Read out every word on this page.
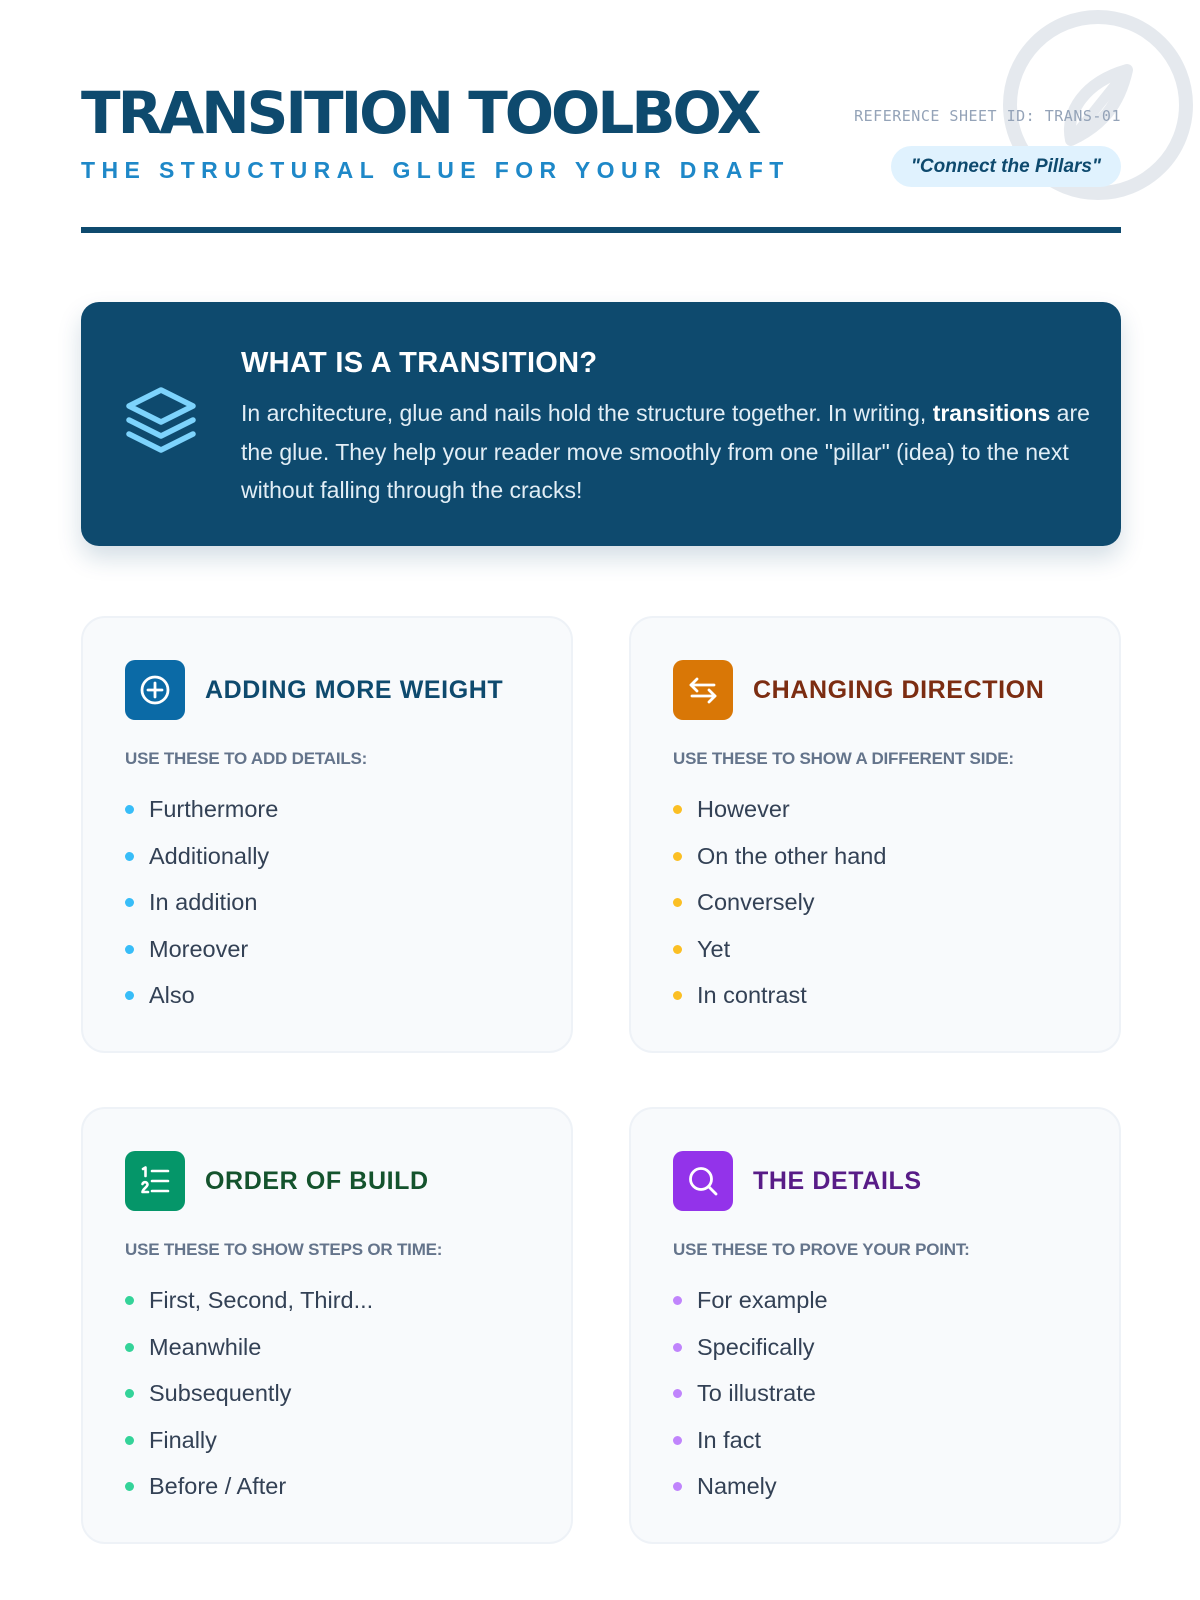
TRANSITION TOOLBOX
THE STRUCTURAL GLUE FOR YOUR DRAFT
REFERENCE SHEET ID: TRANS-01
"Connect the Pillars"
WHAT IS A TRANSITION?

In architecture, glue and nails hold the structure together. In writing, transitions are the glue. They help your reader move smoothly from one "pillar" (idea) to the next without falling through the cracks!

ADDING MORE WEIGHT
USE THESE TO ADD DETAILS:
Furthermore
Additionally
In addition
Moreover
Also
CHANGING DIRECTION
USE THESE TO SHOW A DIFFERENT SIDE:
However
On the other hand
Conversely
Yet
In contrast
ORDER OF BUILD
USE THESE TO SHOW STEPS OR TIME:
First, Second, Third...
Meanwhile
Subsequently
Finally
Before / After
THE DETAILS
USE THESE TO PROVE YOUR POINT:
For example
Specifically
To illustrate
In fact
Namely
